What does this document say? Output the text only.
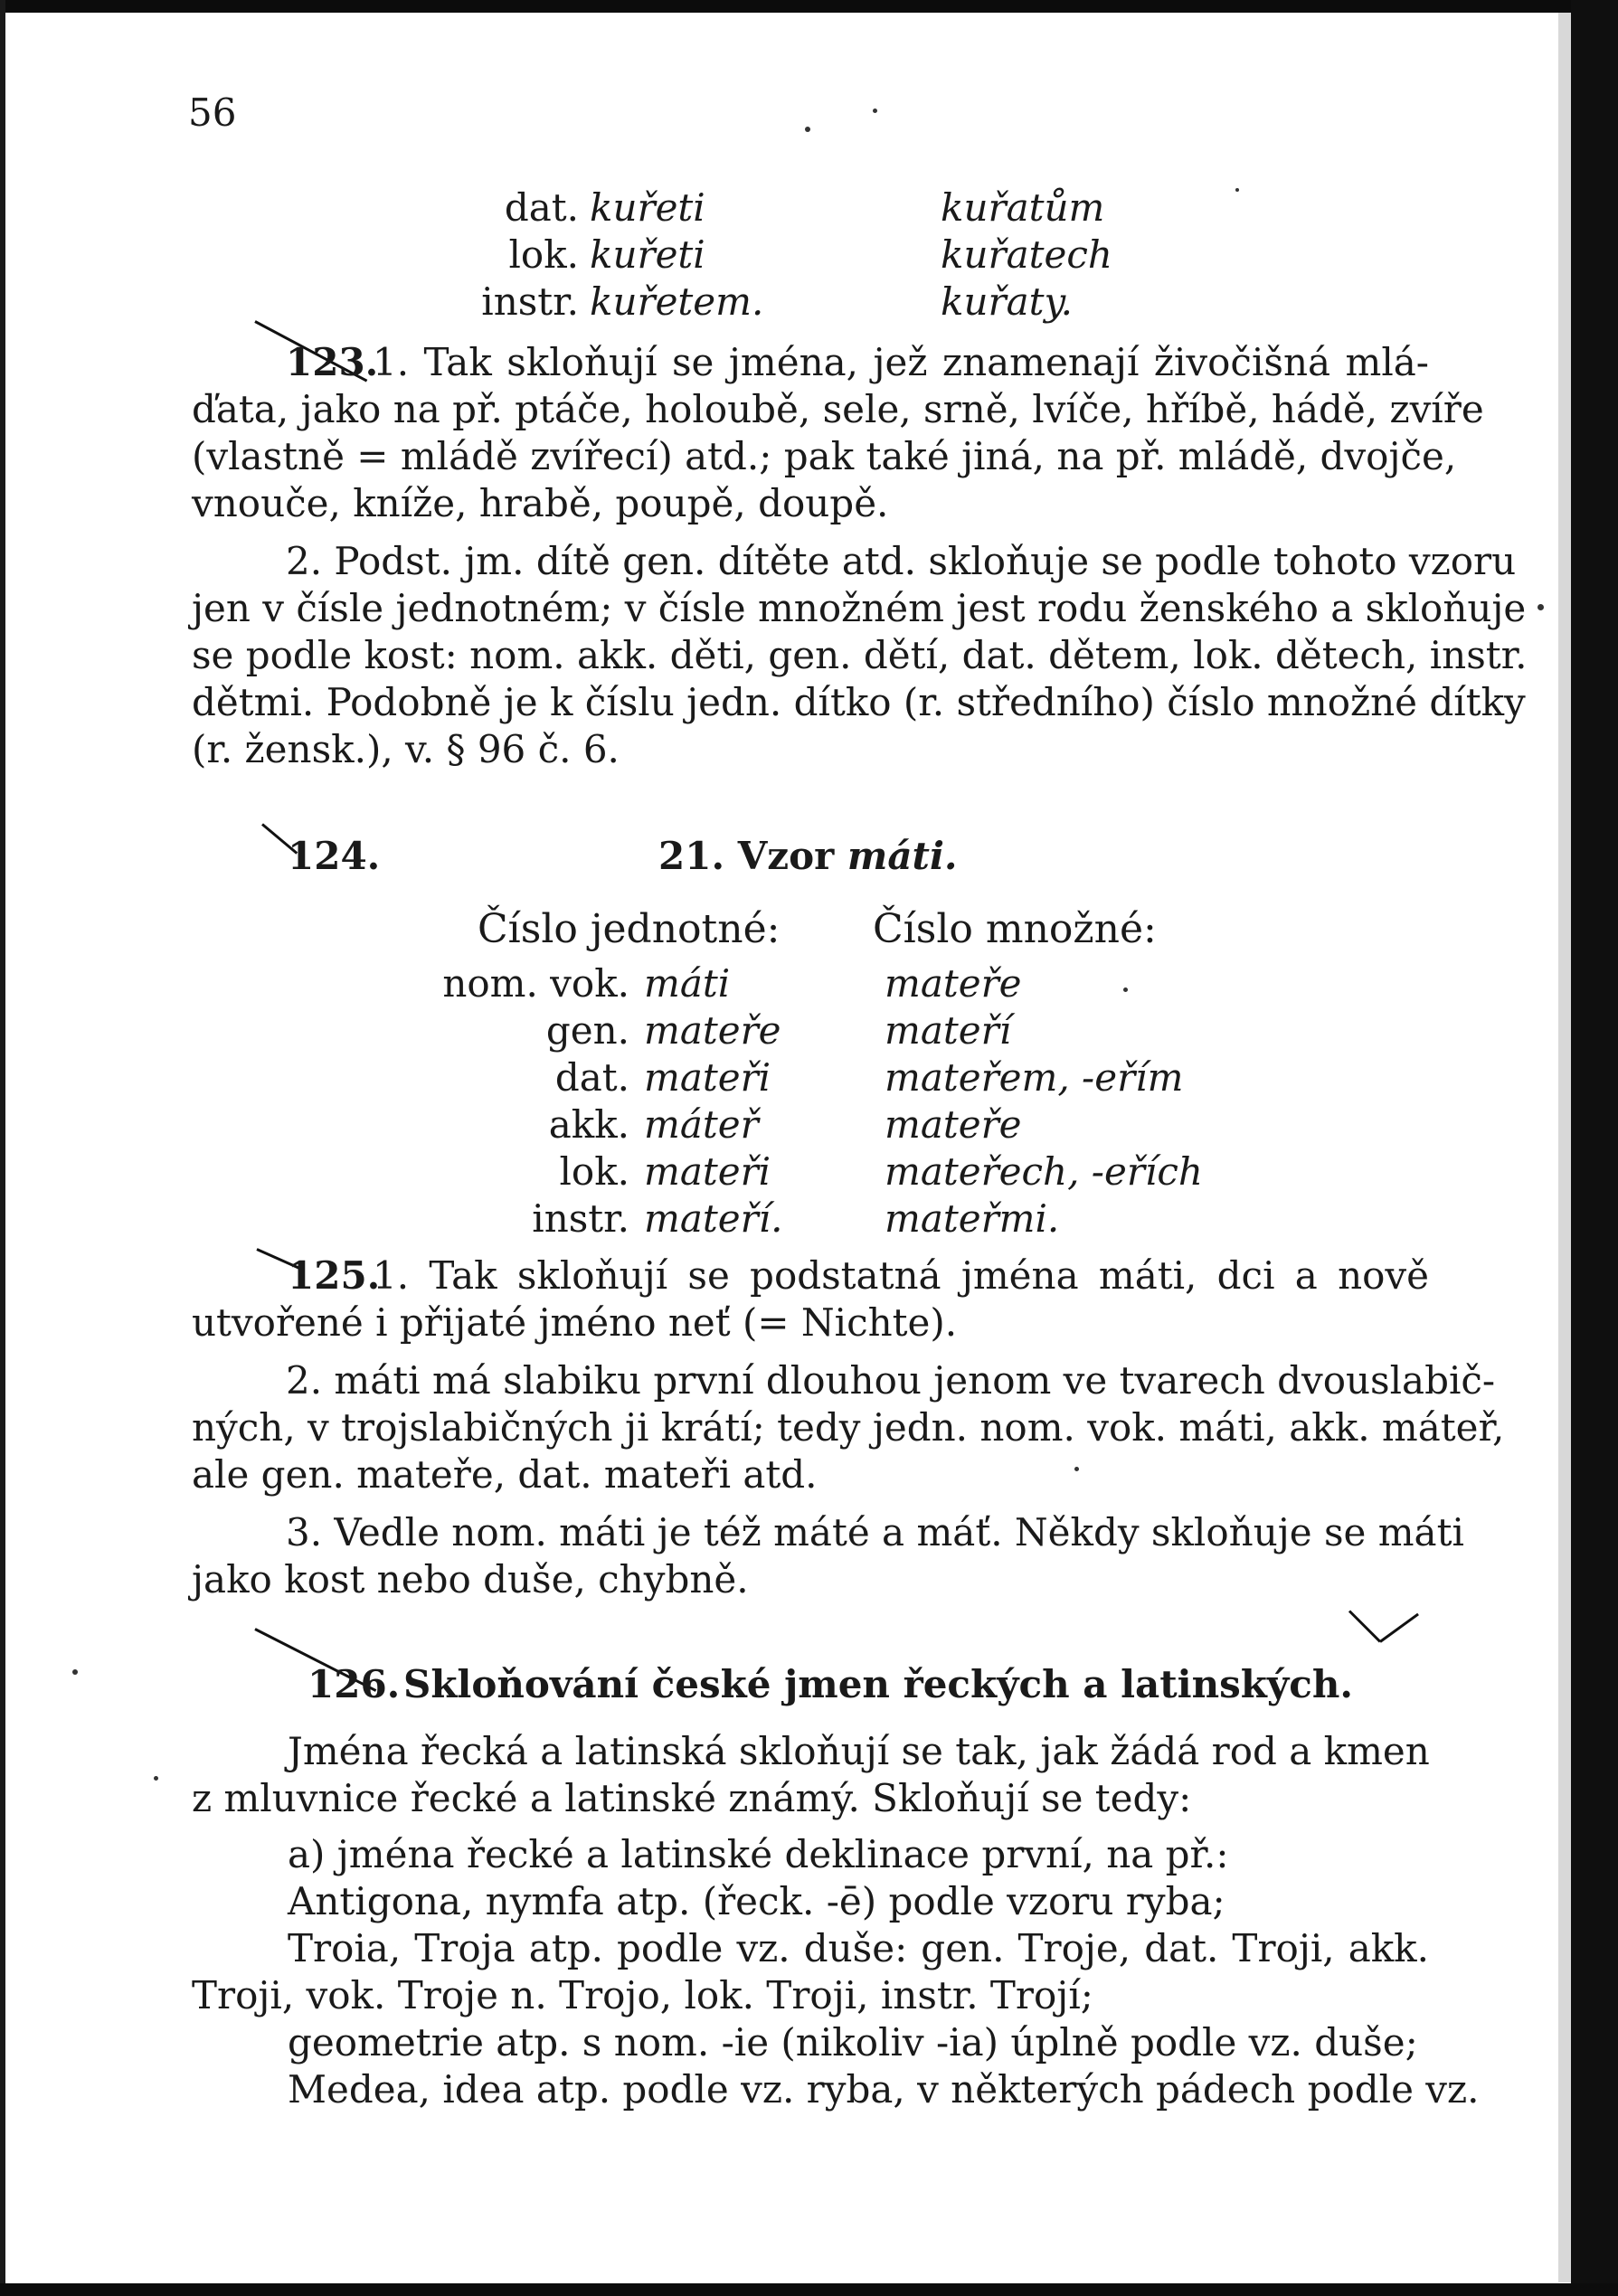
56
dat.
lok.
instr.
kuřeti
kuřeti
kuřetem.
kuřatům
kuřatech
kuřaty.
123.
1. Tak skloňují se jména, jež znamenají živočišná mlá-
ďata, jako na př. ptáče, holoubě, sele, srně, lvíče, hříbě, hádě, zvíře
(vlastně = mládě zvířecí) atd.; pak také jiná, na př. mládě, dvojče,
vnouče, kníže, hrabě, poupě, doupě.
2. Podst. jm. dítě gen. dítěte atd. skloňuje se podle tohoto vzoru
jen v čísle jednotném; v čísle množném jest rodu ženského a skloňuje
se podle kost: nom. akk. děti, gen. dětí, dat. dětem, lok. dětech, instr.
dětmi. Podobně je k číslu jedn. dítko (r. středního) číslo množné dítky
(r. žensk.), v. § 96 č. 6.
124.	21. Vzor máti.
Číslo jednotné: Číslo množné:
nom. vok.
gen.
dat.
akk.
lok.
instr.
máti
mateře
mateři
máteř
mateři
mateří.
mateře
mateří
mateřem, -eřím
mateře
mateřech, -eřích
mateřmi.
125.
1. Tak skloňují se podstatná jména máti, dci a nově
utvořené i přijaté jméno neť (= Nichte).
2. máti má slabiku první dlouhou jenom ve tvarech dvouslabič-
ných, v trojslabičných ji krátí; tedy jedn. nom. vok. máti, akk. máteř,
ale gen. mateře, dat. mateři atd.
3. Vedle nom. máti je též máté a máť. Někdy skloňuje se máti
jako kost nebo duše, chybně.
126. Skloňování české jmen řeckých a latinských.
Jména řecká a latinská skloňují se tak, jak žádá rod a kmen
z mluvnice řecké a latinské známý. Skloňují se tedy:
a) jména řecké a latinské deklinace první, na př.:
Antigona, nymfa atp. (řeck. -ē) podle vzoru ryba;
Troia, Troja atp. podle vz. duše: gen. Troje, dat. Troji, akk.
Troji, vok. Troje n. Trojo, lok. Troji, instr. Trojí;
geometrie atp. s nom. -ie (nikoliv -ia) úplně podle vz. duše;
Medea, idea atp. podle vz. ryba, v některých pádech podle vz.
